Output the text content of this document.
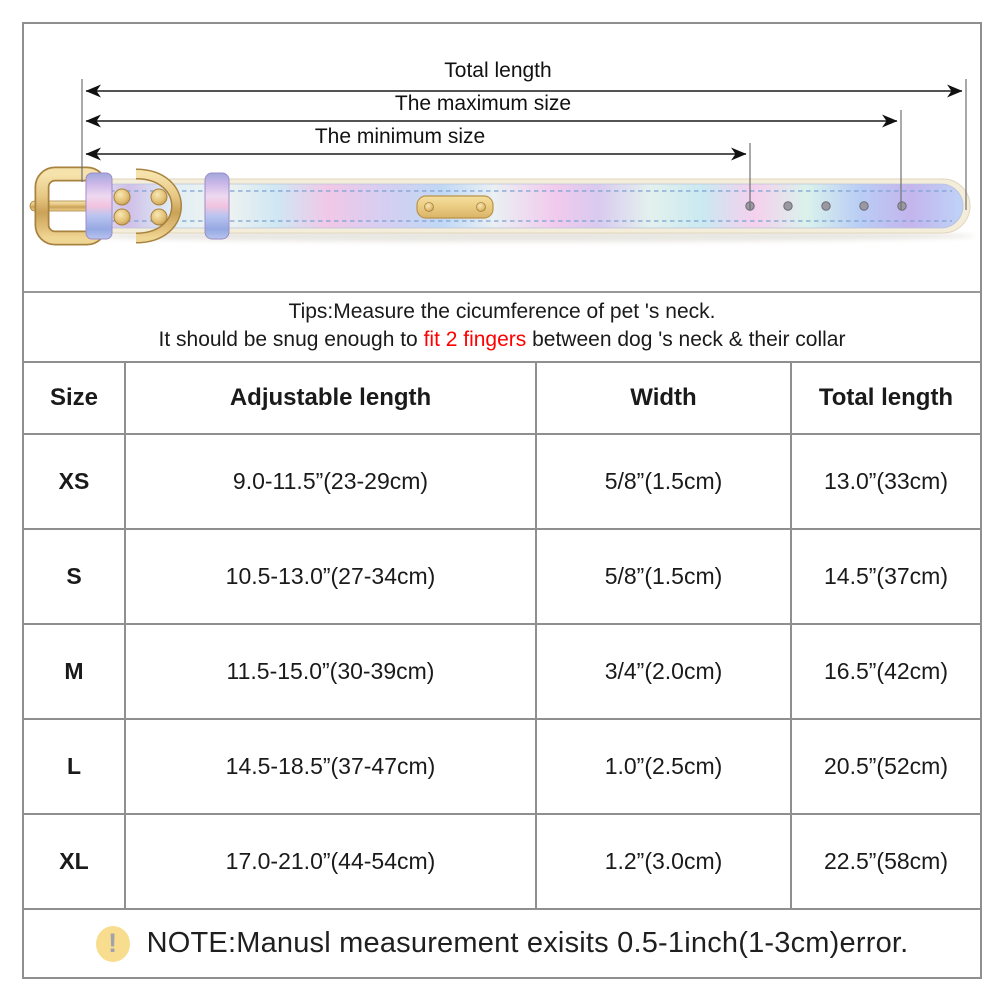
Total length
The maximum size
The minimum size
Tips:Measure the cicumference of pet 's neck.
It should be snug enough to fit 2 fingers between dog 's neck & their collar
Size	Adjustable length	Width	Total length
XS	9.0-11.5”(23-29cm)	5/8”(1.5cm)	13.0”(33cm)
S	10.5-13.0”(27-34cm)	5/8”(1.5cm)	14.5”(37cm)
M	11.5-15.0”(30-39cm)	3/4”(2.0cm)	16.5”(42cm)
L	14.5-18.5”(37-47cm)	1.0”(2.5cm)	20.5”(52cm)
XL	17.0-21.0”(44-54cm)	1.2”(3.0cm)	22.5”(58cm)
! NOTE:Manusl measurement exisits 0.5-1inch(1-3cm)error.
